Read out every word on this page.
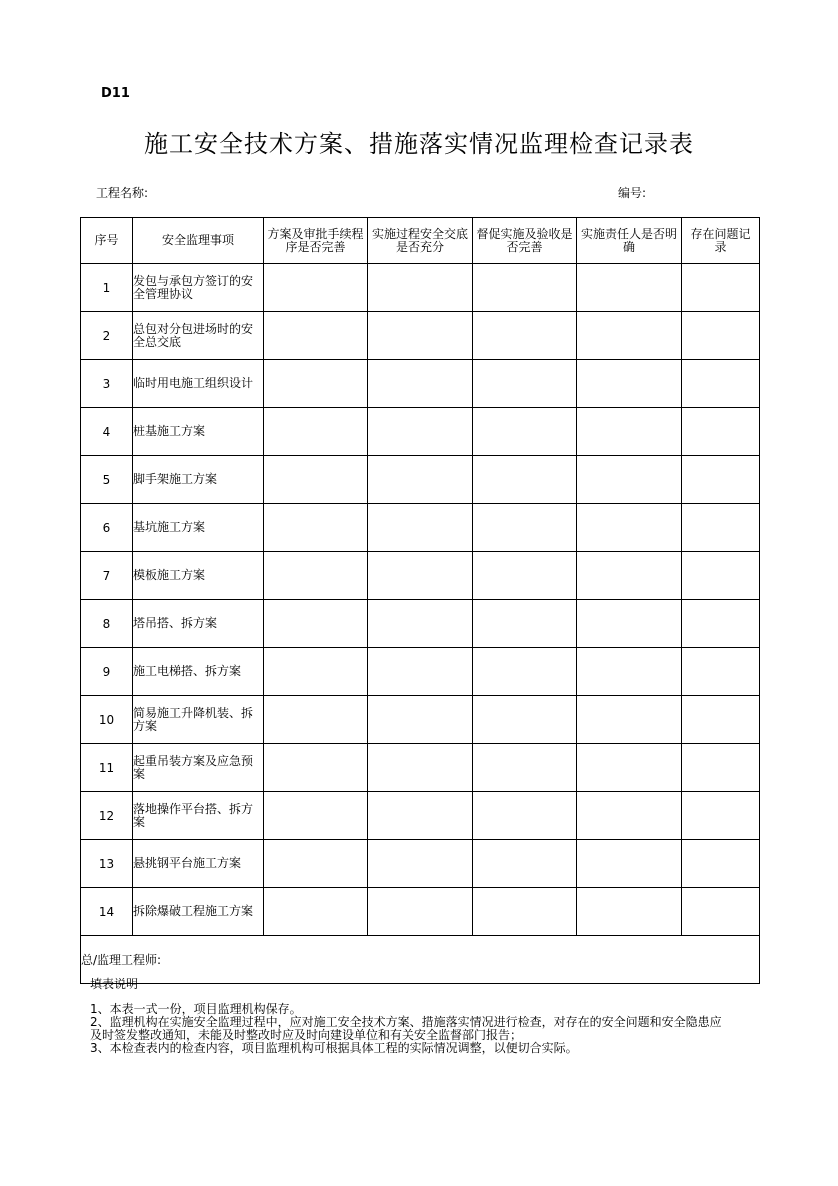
D11
施工安全技术方案、措施落实情况监理检查记录表
工程名称:	编号:
序号	安全监理事项	方案及审批手续程序是否完善	实施过程安全交底是否充分	督促实施及验收是否完善	实施责任人是否明确	存在问题记　　录
1	发包与承包方签订的安全管理协议					
2	总包对分包进场时的安全总交底					
3	临时用电施工组织设计					
4	桩基施工方案					
5	脚手架施工方案					
6	基坑施工方案					
7	模板施工方案					
8	塔吊搭、拆方案					
9	施工电梯搭、拆方案					
10	简易施工升降机装、拆方案					
11	起重吊装方案及应急预案					
12	落地操作平台搭、拆方案					
13	悬挑钢平台施工方案					
14	拆除爆破工程施工方案					
总/监理工程师:						
填表说明
1、本表一式一份，项目监理机构保存。
2、监理机构在实施安全监理过程中，应对施工安全技术方案、措施落实情况进行检查，对存在的安全问题和安全隐患应及时签发整改通知，未能及时整改时应及时向建设单位和有关安全监督部门报告；
3、本检查表内的检查内容，项目监理机构可根据具体工程的实际情况调整，以便切合实际。
